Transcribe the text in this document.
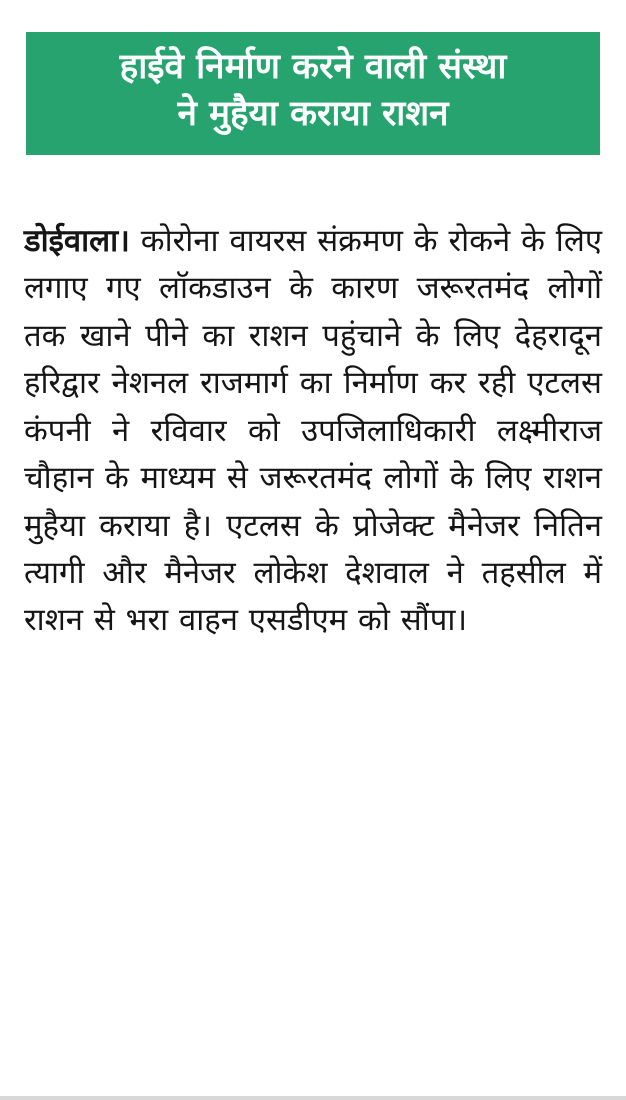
हाईवे निर्माण करने वाली संस्था
ने मुहैया कराया राशन

डोईवाला। कोरोना वायरस संक्रमण के रोकने के लिए लगाए गए लॉकडाउन के कारण जरूरतमंद लोगों तक खाने पीने का राशन पहुंचाने के लिए देहरादून हरिद्वार नेशनल राजमार्ग का निर्माण कर रही एटलस कंपनी ने रविवार को उपजिलाधिकारी लक्ष्मीराज चौहान के माध्यम से जरूरतमंद लोगों के लिए राशन मुहैया कराया है। एटलस के प्रोजेक्ट मैनेजर नितिन त्यागी और मैनेजर लोकेश देशवाल ने तहसील में राशन से भरा वाहन एसडीएम को सौंपा।
